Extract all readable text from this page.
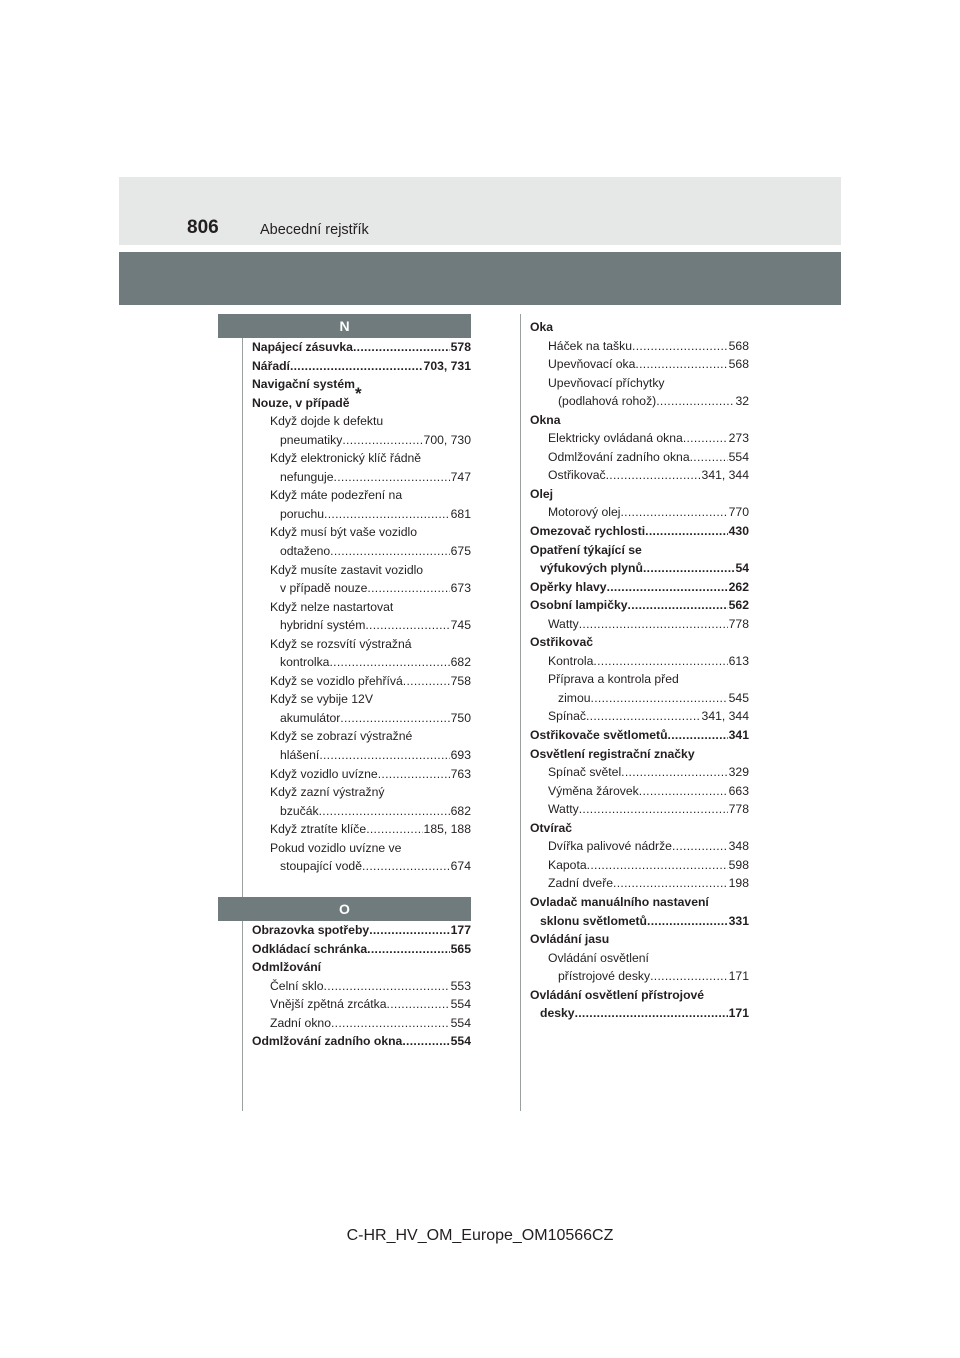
806	Abecední rejstřík
N
O
Napájecí zásuvka .....	578
Nářadí .....	703, 731
Navigační systém *
Nouze, v případě
Když dojde k defektu
pneumatiky .....	700, 730
Když elektronický klíč řádně
nefunguje .....	747
Když máte podezření na
poruchu .....	681
Když musí být vaše vozidlo
odtaženo .....	675
Když musíte zastavit vozidlo
v případě nouze .....	673
Když nelze nastartovat
hybridní systém .....	745
Když se rozsvítí výstražná
kontrolka .....	682
Když se vozidlo přehřívá .....	758
Když se vybije 12V
akumulátor .....	750
Když se zobrazí výstražné
hlášení .....	693
Když vozidlo uvízne .....	763
Když zazní výstražný
bzučák .....	682
Když ztratíte klíče .....	185, 188
Pokud vozidlo uvízne ve
stoupající vodě .....	674
Obrazovka spotřeby .....	177
Odkládací schránka .....	565
Odmlžování
Čelní sklo .....	553
Vnější zpětná zrcátka .....	554
Zadní okno .....	554
Odmlžování zadního okna .....	554
Oka
Háček na tašku .....	568
Upevňovací oka .....	568
Upevňovací příchytky
(podlahová rohož) .....	32
Okna
Elektricky ovládaná okna .....	273
Odmlžování zadního okna .....	554
Ostřikovač .....	341, 344
Olej
Motorový olej .....	770
Omezovač rychlosti .....	430
Opatření týkající se
výfukových plynů .....	54
Opěrky hlavy .....	262
Osobní lampičky .....	562
Watty .....	778
Ostřikovač
Kontrola .....	613
Příprava a kontrola před
zimou .....	545
Spínač .....	341, 344
Ostřikovače světlometů .....	341
Osvětlení registrační značky
Spínač světel .....	329
Výměna žárovek .....	663
Watty .....	778
Otvírač
Dvířka palivové nádrže .....	348
Kapota .....	598
Zadní dveře .....	198
Ovladač manuálního nastavení
sklonu světlometů .....	331
Ovládání jasu
Ovládání osvětlení
přístrojové desky .....	171
Ovládání osvětlení přístrojové
desky .....	171
C-HR_HV_OM_Europe_OM10566CZ
